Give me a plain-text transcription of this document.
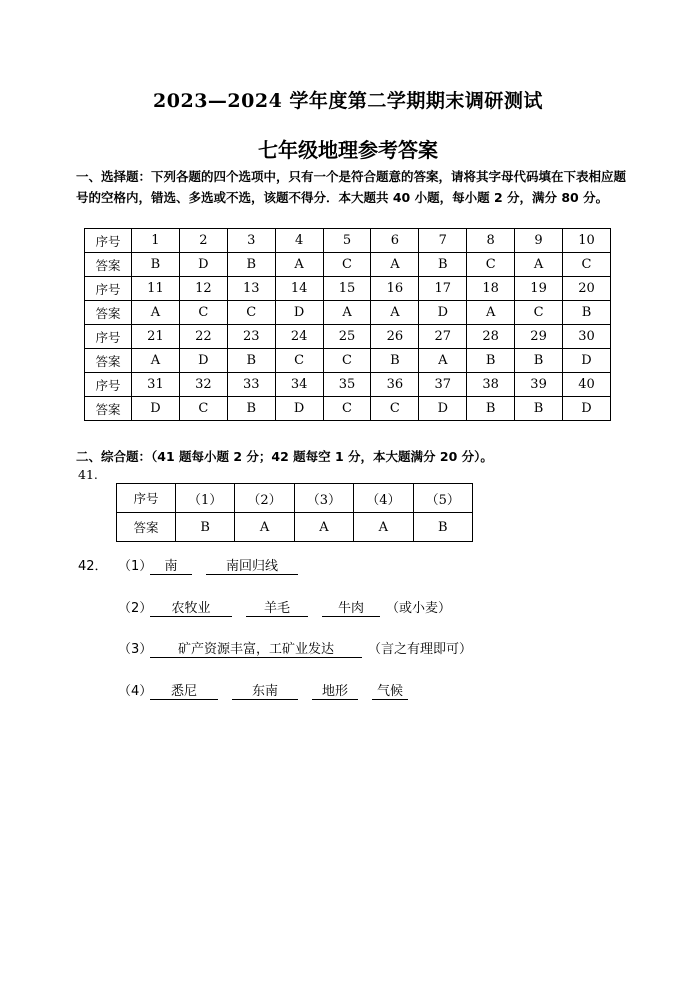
2023—2024 学年度第二学期期末调研测试
七年级地理参考答案
一、选择题：下列各题的四个选项中，只有一个是符合题意的答案，请将其字母代码填在下表相应题号的空格内，错选、多选或不选，该题不得分．本大题共 40 小题，每小题 2 分，满分 80 分。
序号	1	2	3	4	5	6	7	8	9	10
答案	B	D	B	A	C	A	B	C	A	C
序号	11	12	13	14	15	16	17	18	19	20
答案	A	C	C	D	A	A	D	A	C	B
序号	21	22	23	24	25	26	27	28	29	30
答案	A	D	B	C	C	B	A	B	B	D
序号	31	32	33	34	35	36	37	38	39	40
答案	D	C	B	D	C	C	D	B	B	D
二、综合题：（41 题每小题 2 分；42 题每空 1 分，本大题满分 20 分）。
41.
序号	（1）	（2）	（3）	（4）	（5）
答案	B	A	A	A	B
42． （1） 南	南回归线
（2） 农牧业	羊毛	牛肉 （或小麦）
（3） 矿产资源丰富，工矿业发达	（言之有理即可）
（4） 悉尼	东南	地形 气候
